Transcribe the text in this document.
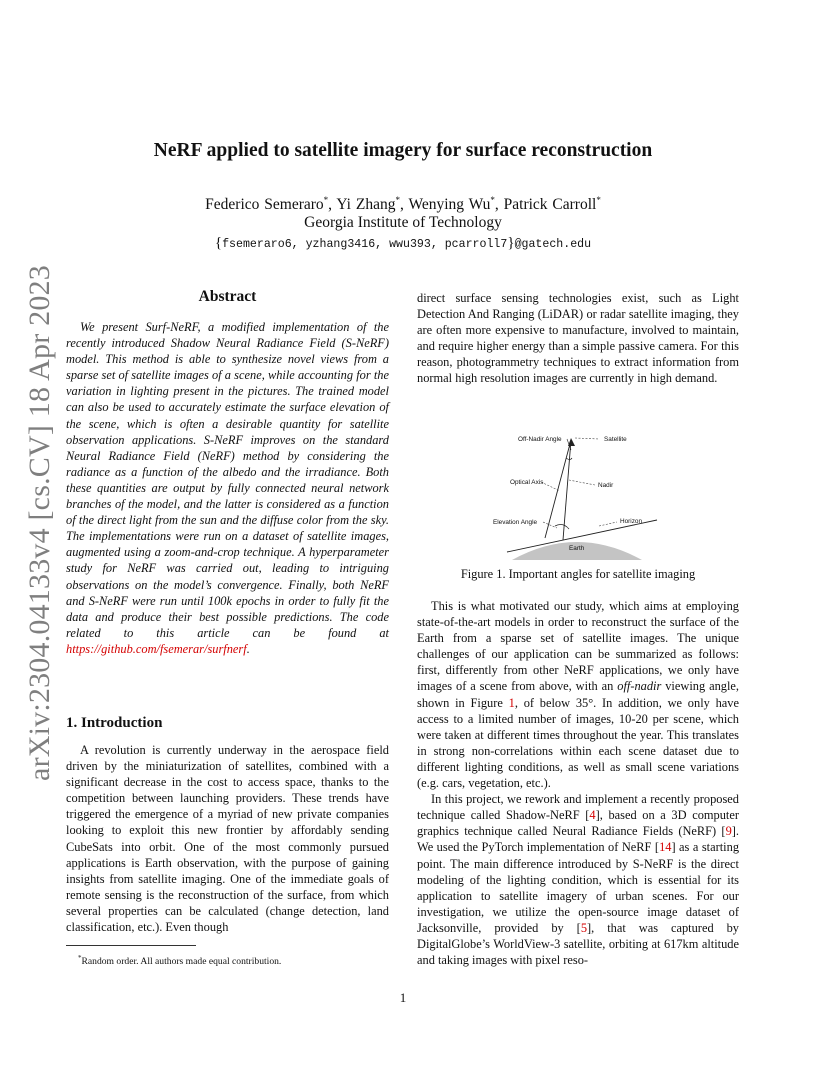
arXiv:2304.04133v4 [cs.CV] 18 Apr 2023
NeRF applied to satellite imagery for surface reconstruction
Federico Semeraro*, Yi Zhang*, Wenying Wu*, Patrick Carroll*
Georgia Institute of Technology
{fsemeraro6, yzhang3416, wwu393, pcarroll7}@gatech.edu
Abstract

We present Surf-NeRF, a modified implementation of the recently introduced Shadow Neural Radiance Field (S-NeRF) model. This method is able to synthesize novel views from a sparse set of satellite images of a scene, while accounting for the variation in lighting present in the pictures. The trained model can also be used to accurately estimate the surface elevation of the scene, which is often a desirable quantity for satellite observation applications. S-NeRF improves on the standard Neural Radiance Field (NeRF) method by considering the radiance as a function of the albedo and the irradiance. Both these quantities are output by fully connected neural network branches of the model, and the latter is considered as a function of the direct light from the sun and the diffuse color from the sky. The implementations were run on a dataset of satellite images, augmented using a zoom-and-crop technique. A hyperparameter study for NeRF was carried out, leading to intriguing observations on the model’s convergence. Finally, both NeRF and S-NeRF were run until 100k epochs in order to fully fit the data and produce their best possible predictions. The code related to this article can be found at https://github.com/fsemerar/surfnerf.

1. Introduction

A revolution is currently underway in the aerospace field driven by the miniaturization of satellites, combined with a significant decrease in the cost to access space, thanks to the competition between launching providers. These trends have triggered the emergence of a myriad of new private companies looking to exploit this new frontier by affordably sending CubeSats into orbit. One of the most commonly pursued applications is Earth observation, with the purpose of gaining insights from satellite imaging. One of the immediate goals of remote sensing is the reconstruction of the surface, from which several properties can be calculated (change detection, land classification, etc.). Even though

*Random order. All authors made equal contribution.

direct surface sensing technologies exist, such as Light Detection And Ranging (LiDAR) or radar satellite imaging, they are often more expensive to manufacture, involved to maintain, and require higher energy than a simple passive camera. For this reason, photogrammetry techniques to extract information from normal high resolution images are currently in high demand.

Off-Nadir Angle	Satellite
Optical Axis	Nadir
Elevation Angle	Horizon
Earth
Figure 1. Important angles for satellite imaging

This is what motivated our study, which aims at employing state-of-the-art models in order to reconstruct the surface of the Earth from a sparse set of satellite images. The unique challenges of our application can be summarized as follows: first, differently from other NeRF applications, we only have images of a scene from above, with an off-nadir viewing angle, shown in Figure 1, of below 35°. In addition, we only have access to a limited number of images, 10-20 per scene, which were taken at different times throughout the year. This translates in strong non-correlations within each scene dataset due to different lighting conditions, as well as small scene variations (e.g. cars, vegetation, etc.).

In this project, we rework and implement a recently proposed technique called Shadow-NeRF [4], based on a 3D computer graphics technique called Neural Radiance Fields (NeRF) [9]. We used the PyTorch implementation of NeRF [14] as a starting point. The main difference introduced by S-NeRF is the direct modeling of the lighting condition, which is essential for its application to satellite imagery of urban scenes. For our investigation, we utilize the open-source image dataset of Jacksonville, provided by [5], that was captured by DigitalGlobe’s WorldView-3 satellite, orbiting at 617km altitude and taking images with pixel reso-

1
